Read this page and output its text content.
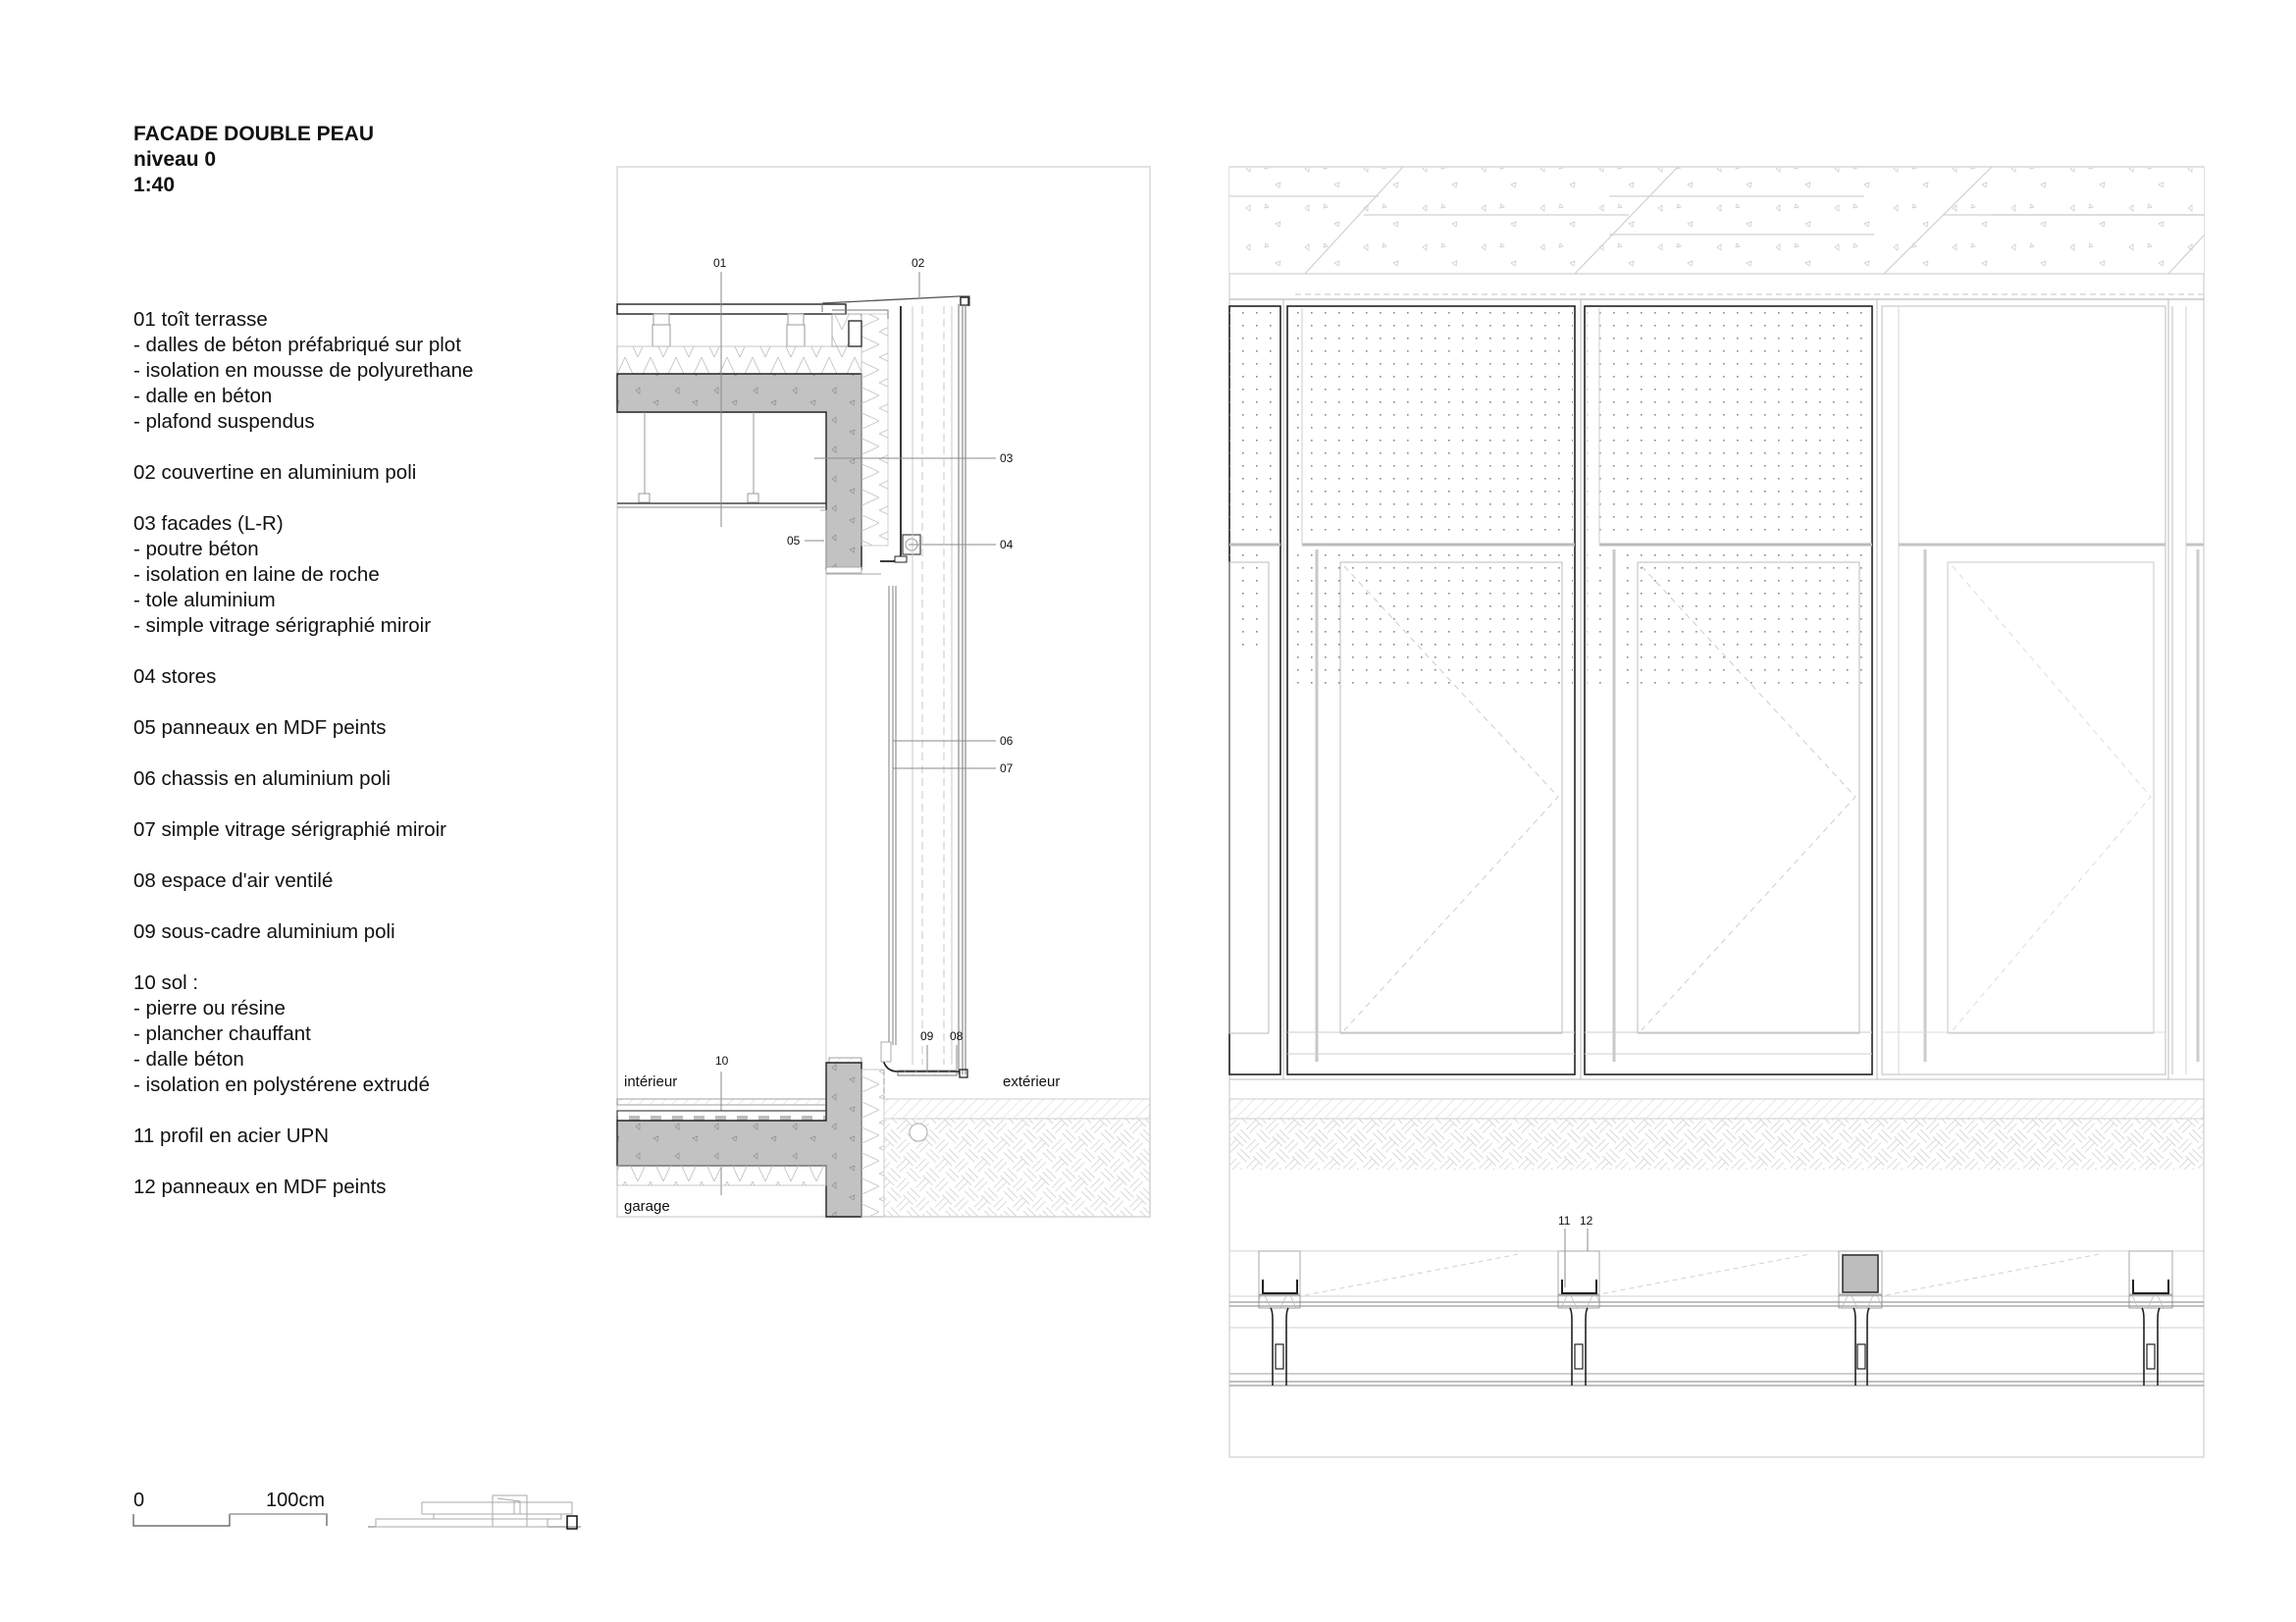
FACADE DOUBLE PEAU
niveau 0
1:40
01 toît terrasse
- dalles de béton préfabriqué sur plot
- isolation en mousse de polyurethane
- dalle en béton
- plafond suspendus
02 couvertine en aluminium poli
03 facades (L-R)
- poutre béton
- isolation en laine de roche
- tole aluminium
- simple vitrage sérigraphié miroir
04 stores
05 panneaux en MDF peints
06 chassis en aluminium poli
07 simple vitrage sérigraphié miroir
08 espace d'air ventilé
09 sous-cadre aluminium poli
10 sol :
- pierre ou résine
- plancher chauffant
- dalle béton
- isolation en polystérene extrudé
11 profil en acier UPN
12 panneaux en MDF peints
0	100cm
01	02
03
04
05
06
07
09 08
10
intérieur	extérieur
garage
11 12
